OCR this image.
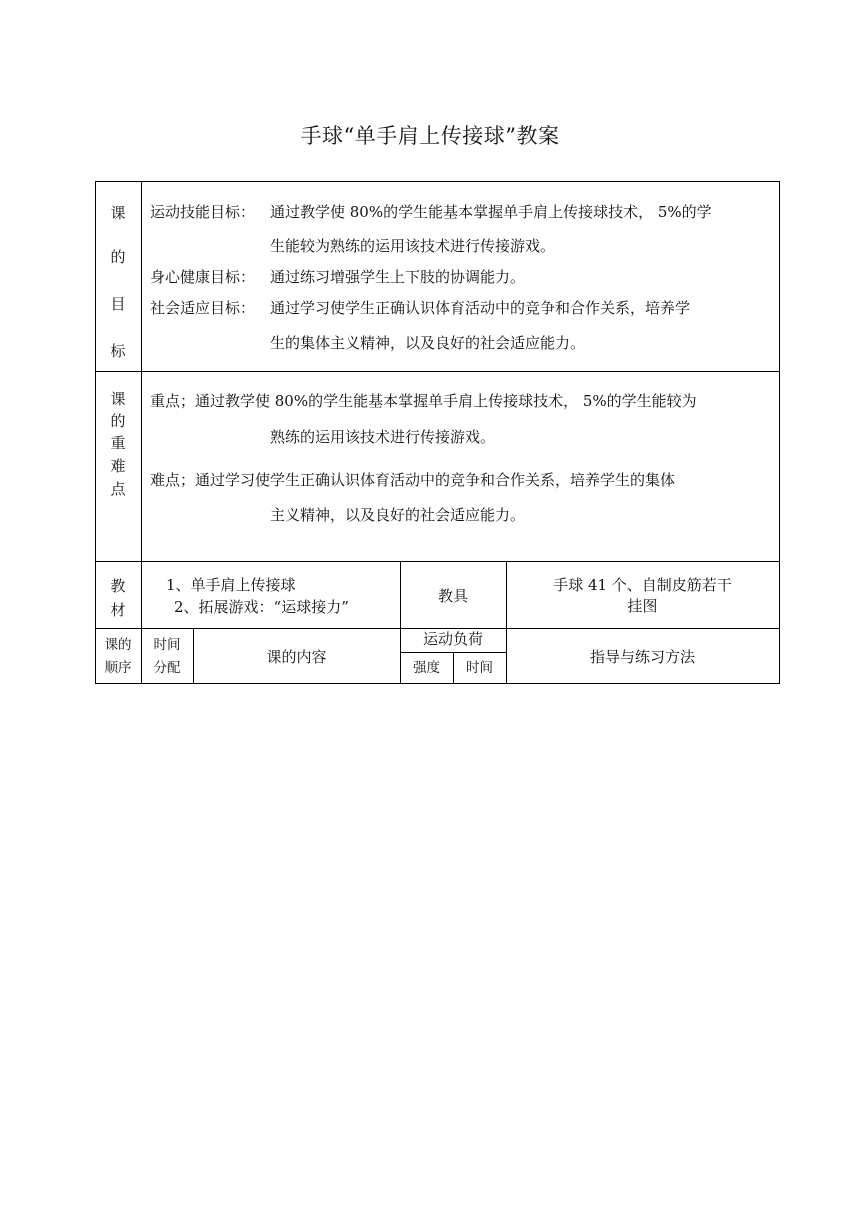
手球“单手肩上传接球”教案
课
的
目
标
运动技能目标： 通过教学使 80%的学生能基本掌握单手肩上传接球技术， 5%的学
生能较为熟练的运用该技术进行传接游戏。
身心健康目标： 通过练习增强学生上下肢的协调能力。
社会适应目标： 通过学习使学生正确认识体育活动中的竞争和合作关系，培养学
生的集体主义精神，以及良好的社会适应能力。
课
的
重
难
点
重点；通过教学使 80%的学生能基本掌握单手肩上传接球技术， 5%的学生能较为
熟练的运用该技术进行传接游戏。
难点；通过学习使学生正确认识体育活动中的竞争和合作关系，培养学生的集体
主义精神，以及良好的社会适应能力。
教
材
1、单手肩上传接球
2、拓展游戏：“运球接力”
教具
手球 41 个、自制皮筋若干
挂图
课的
顺序
时间
分配
课的内容
运动负荷
强度	时间
指导与练习方法
